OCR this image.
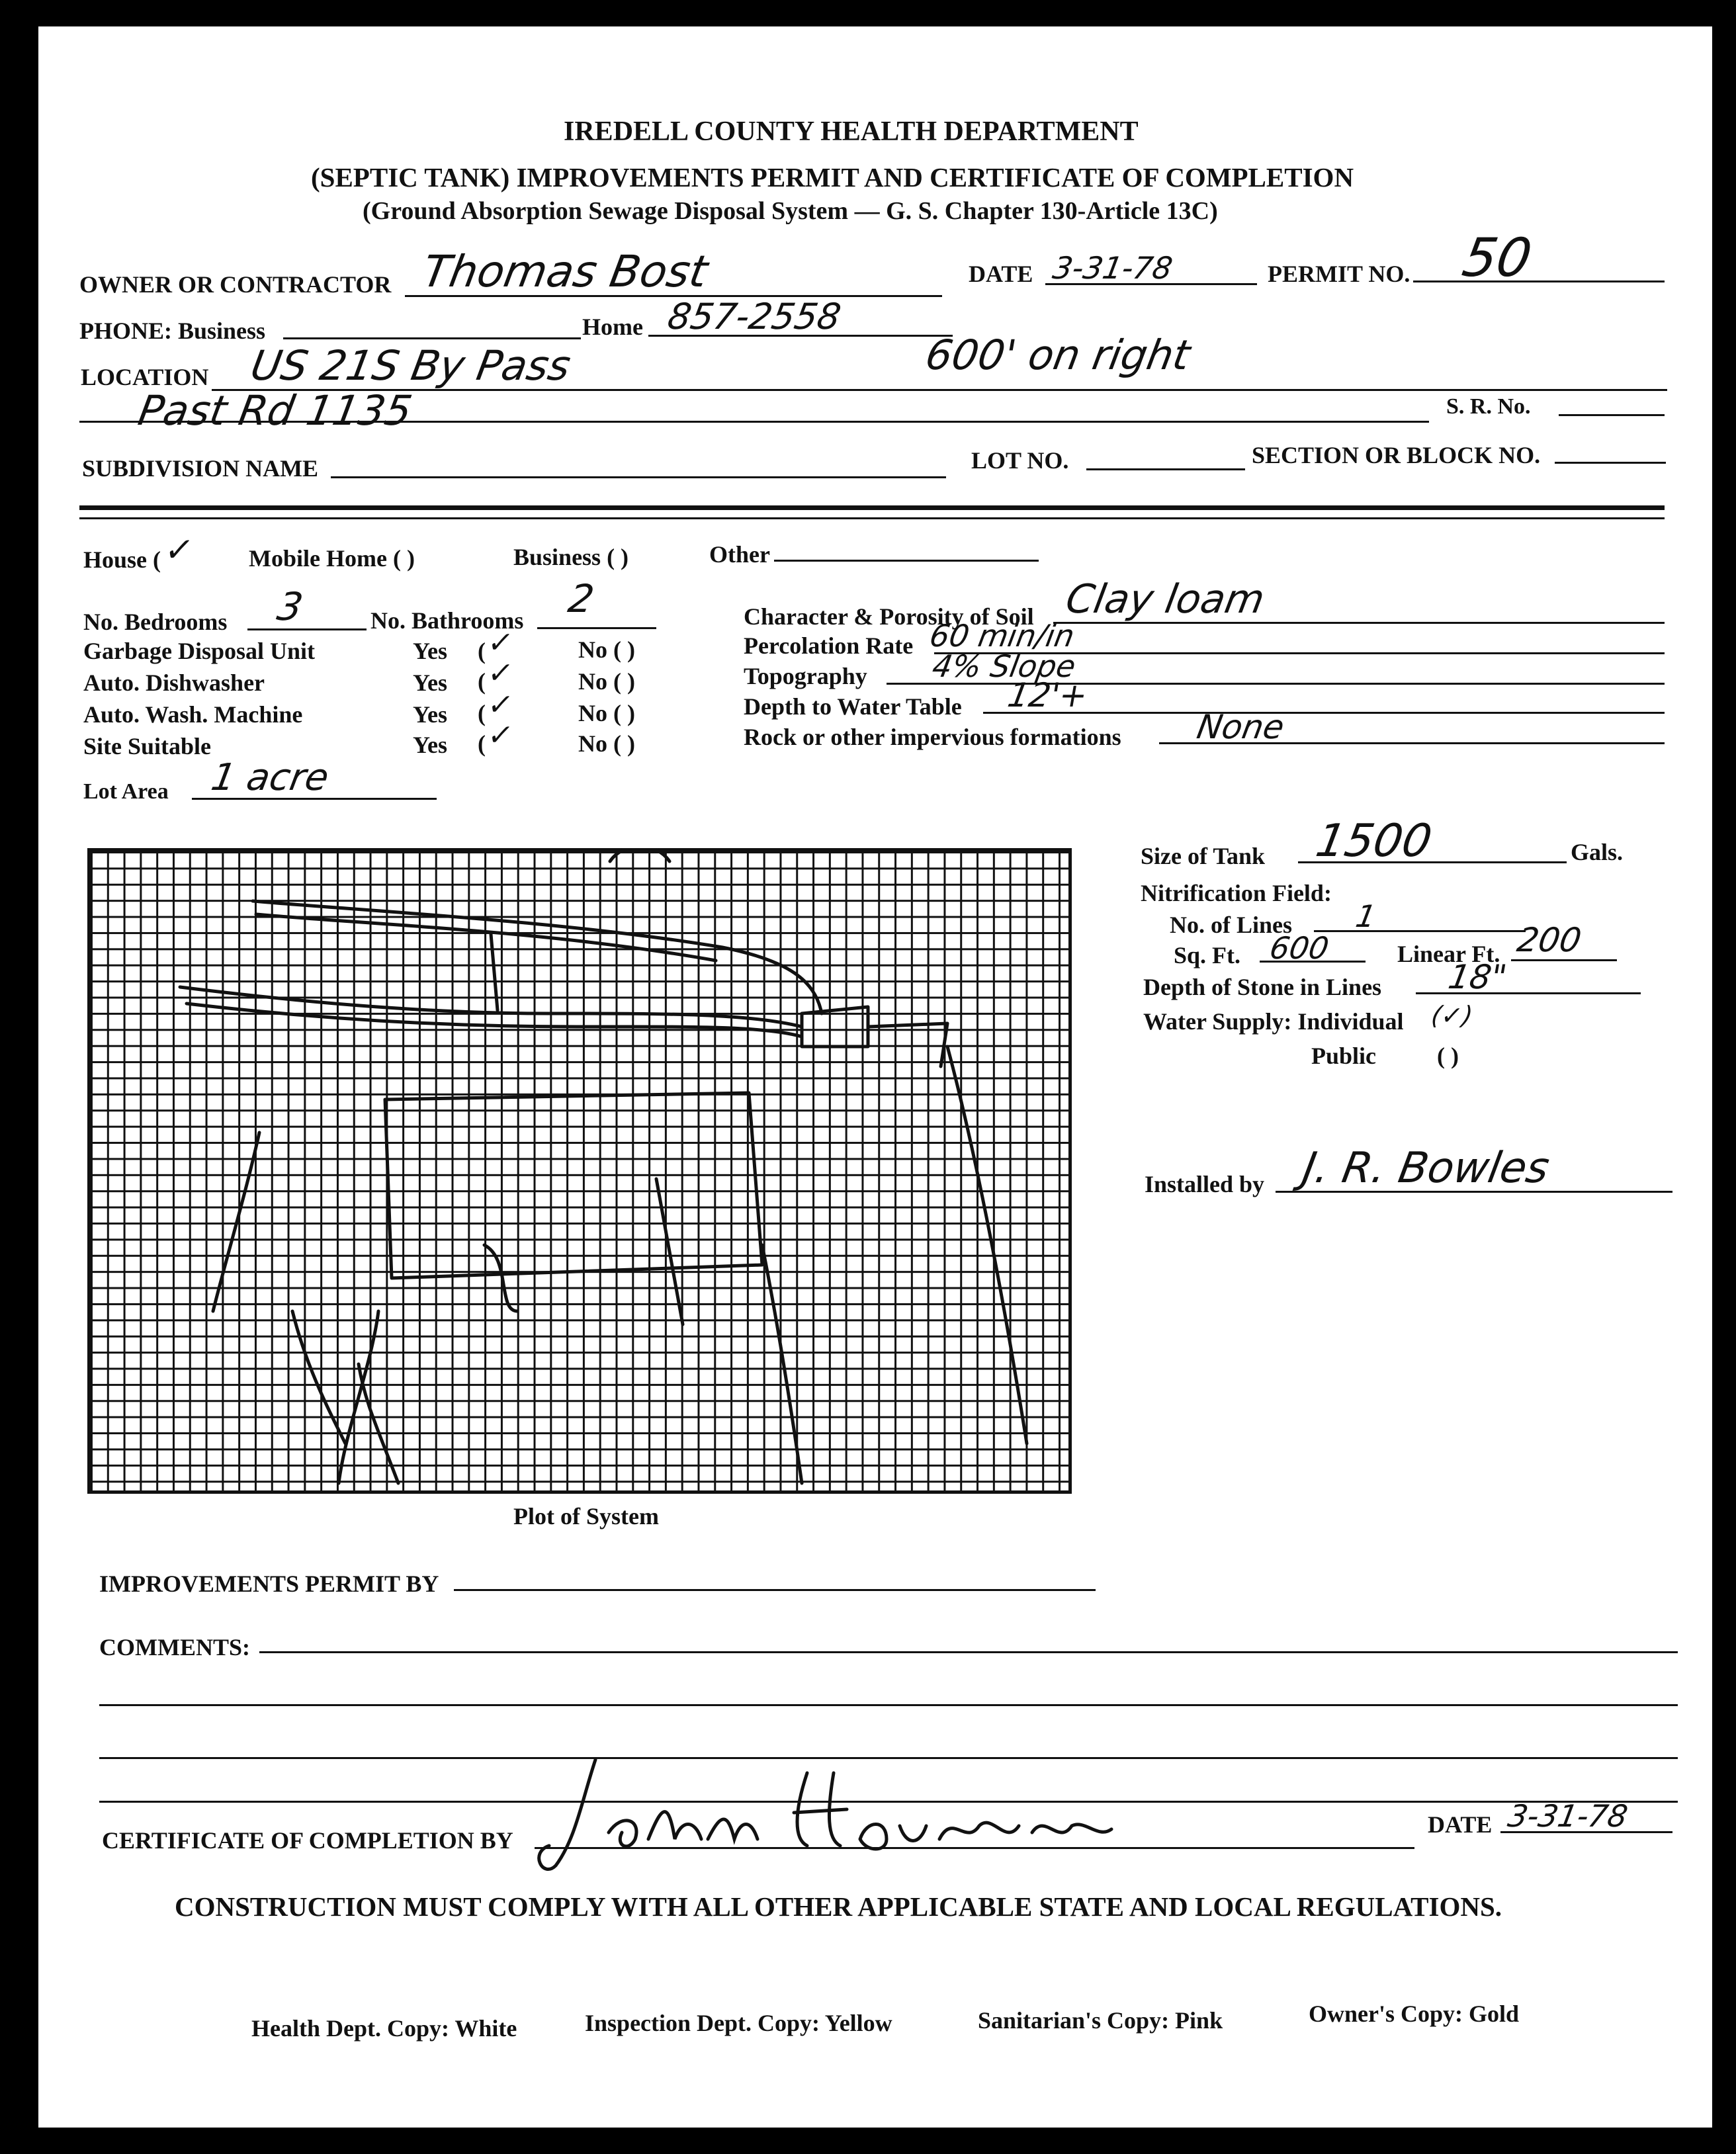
IREDELL COUNTY HEALTH DEPARTMENT
(SEPTIC TANK) IMPROVEMENTS PERMIT AND CERTIFICATE OF COMPLETION
(Ground Absorption Sewage Disposal System — G. S. Chapter 130-Article 13C)
OWNER OR CONTRACTOR Thomas Bost	DATE 3-31-78	PERMIT NO. 50
PHONE: Business	Home 857-2558
LOCATION US 21S By Pass	600' on right
Past Rd 1135	S. R. No.
SUBDIVISION NAME	LOT NO.	SECTION OR BLOCK NO.
House ( ✓ Mobile Home ( )	Business ( )	Other
No. Bedrooms 3	No. Bathrooms 2
Garbage Disposal Unit	Yes ( ✓	No ( )
Auto. Dishwasher	Yes ( ✓	No ( )
Auto. Wash. Machine	Yes ( ✓	No ( )
Site Suitable	Yes ( ✓	No ( )
Lot Area 1 acre
Character & Porosity of Soil Clay loam
Percolation Rate 60 min/in
Topography 4% Slope
Depth to Water Table 12'+
Rock or other impervious formations None
Plot of System
Size of Tank 1500	Gals.
Nitrification Field:
No. of Lines 1
Sq. Ft. 600	Linear Ft. 200
Depth of Stone in Lines 18"
Water Supply: Individual (✓)
Public	( )
Installed by J. R. Bowles
IMPROVEMENTS PERMIT BY
COMMENTS:
CERTIFICATE OF COMPLETION BY
DATE 3-31-78
CONSTRUCTION MUST COMPLY WITH ALL OTHER APPLICABLE STATE AND LOCAL REGULATIONS.
Health Dept. Copy: White	Inspection Dept. Copy: Yellow	Sanitarian's Copy: Pink	Owner's Copy: Gold
